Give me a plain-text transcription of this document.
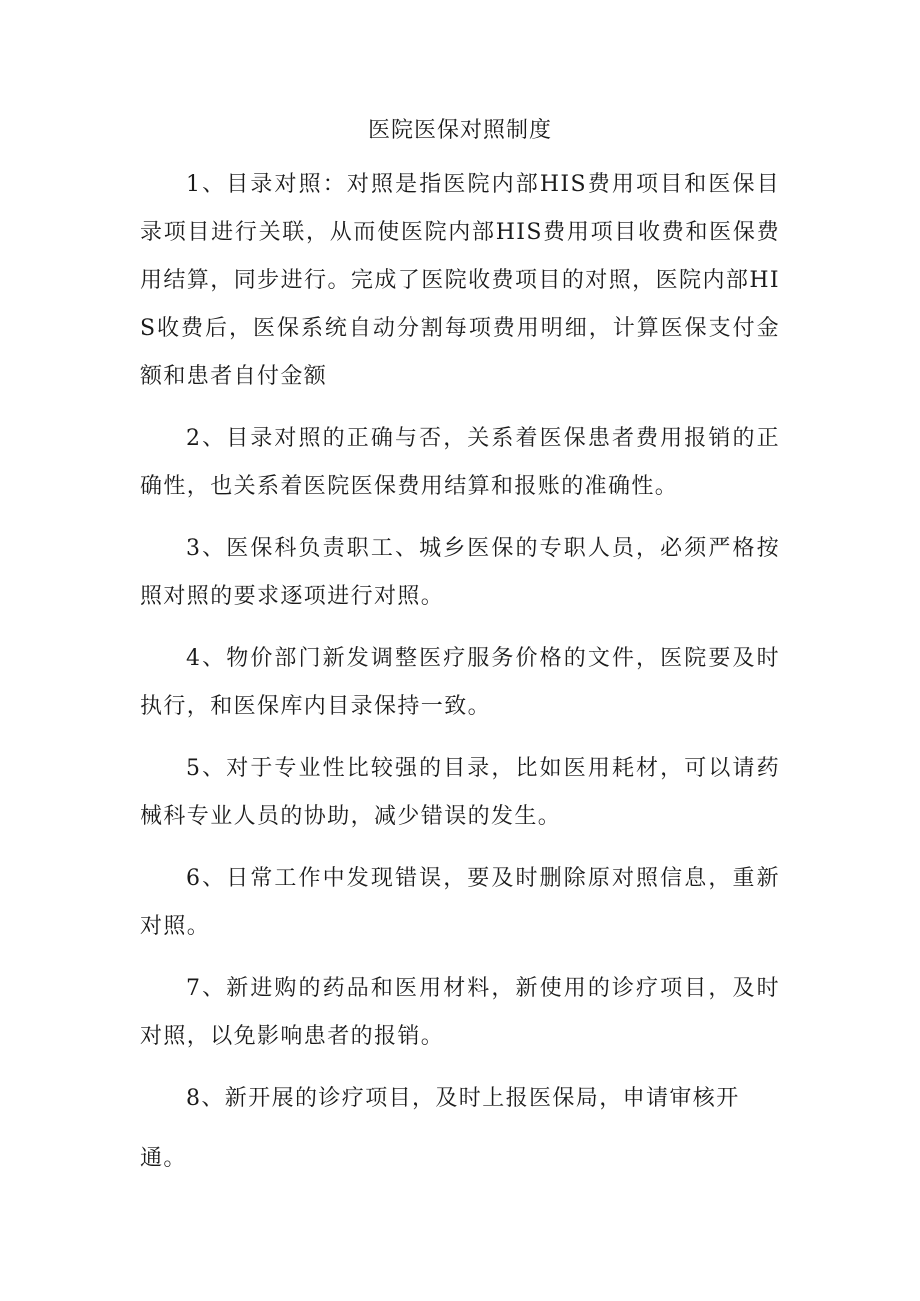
医院医保对照制度

1、目录对照：对照是指医院内部HIS费用项目和医保目录项目进行关联，从而使医院内部HIS费用项目收费和医保费用结算，同步进行。完成了医院收费项目的对照，医院内部HIS收费后，医保系统自动分割每项费用明细，计算医保支付金额和患者自付金额

2、目录对照的正确与否，关系着医保患者费用报销的正确性，也关系着医院医保费用结算和报账的准确性。

3、医保科负责职工、城乡医保的专职人员，必须严格按照对照的要求逐项进行对照。

4、物价部门新发调整医疗服务价格的文件，医院要及时执行，和医保库内目录保持一致。

5、对于专业性比较强的目录，比如医用耗材，可以请药械科专业人员的协助，减少错误的发生。

6、日常工作中发现错误，要及时删除原对照信息，重新对照。

7、新进购的药品和医用材料，新使用的诊疗项目，及时对照，以免影响患者的报销。

8、新开展的诊疗项目，及时上报医保局，申请审核开

通。
